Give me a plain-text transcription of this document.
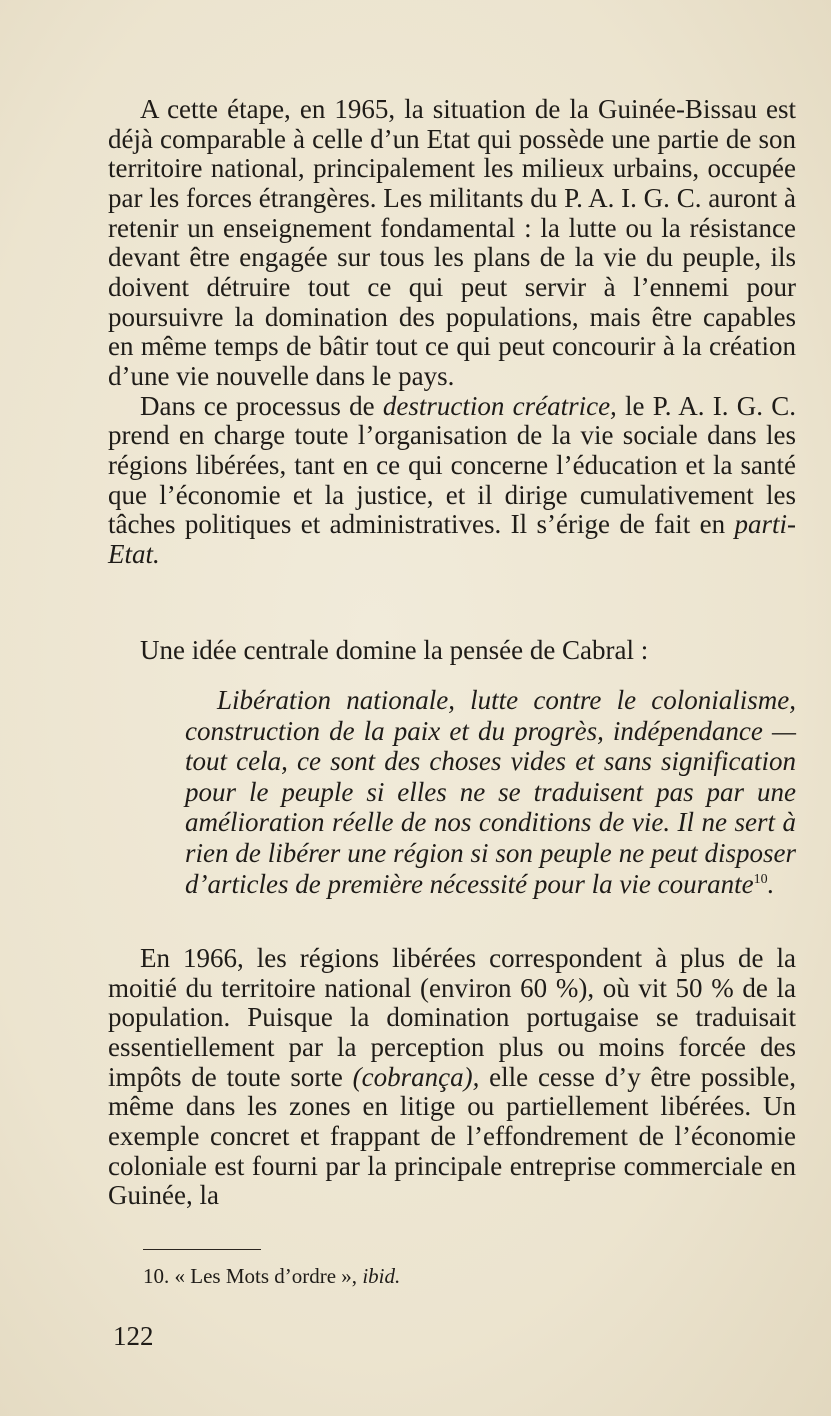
A cette étape, en 1965, la situation de la Guinée-Bissau est déjà comparable à celle d’un Etat qui possède une partie de son territoire national, principalement les milieux urbains, occupée par les forces étrangères. Les militants du P. A. I. G. C. auront à retenir un enseignement fondamental : la lutte ou la résistance devant être engagée sur tous les plans de la vie du peuple, ils doivent détruire tout ce qui peut servir à l’ennemi pour poursuivre la domination des populations, mais être capables en même temps de bâtir tout ce qui peut concourir à la création d’une vie nouvelle dans le pays.

Dans ce processus de destruction créatrice, le P. A. I. G. C. prend en charge toute l’organisation de la vie sociale dans les régions libérées, tant en ce qui concerne l’éducation et la santé que l’économie et la justice, et il dirige cumulativement les tâches politiques et administratives. Il s’érige de fait en parti-Etat.

Une idée centrale domine la pensée de Cabral :

Libération nationale, lutte contre le colonialisme, construction de la paix et du progrès, indépendance — tout cela, ce sont des choses vides et sans signification pour le peuple si elles ne se traduisent pas par une amélioration réelle de nos conditions de vie. Il ne sert à rien de libérer une région si son peuple ne peut disposer d’articles de première nécessité pour la vie courante$^{10}$.

En 1966, les régions libérées correspondent à plus de la moitié du territoire national (environ 60 %), où vit 50 % de la population. Puisque la domination portugaise se traduisait essentiellement par la perception plus ou moins forcée des impôts de toute sorte (cobrança), elle cesse d’y être possible, même dans les zones en litige ou partiellement libérées. Un exemple concret et frappant de l’effondrement de l’économie coloniale est fourni par la principale entreprise commerciale en Guinée, la

10. « Les Mots d’ordre », ibid.
122
